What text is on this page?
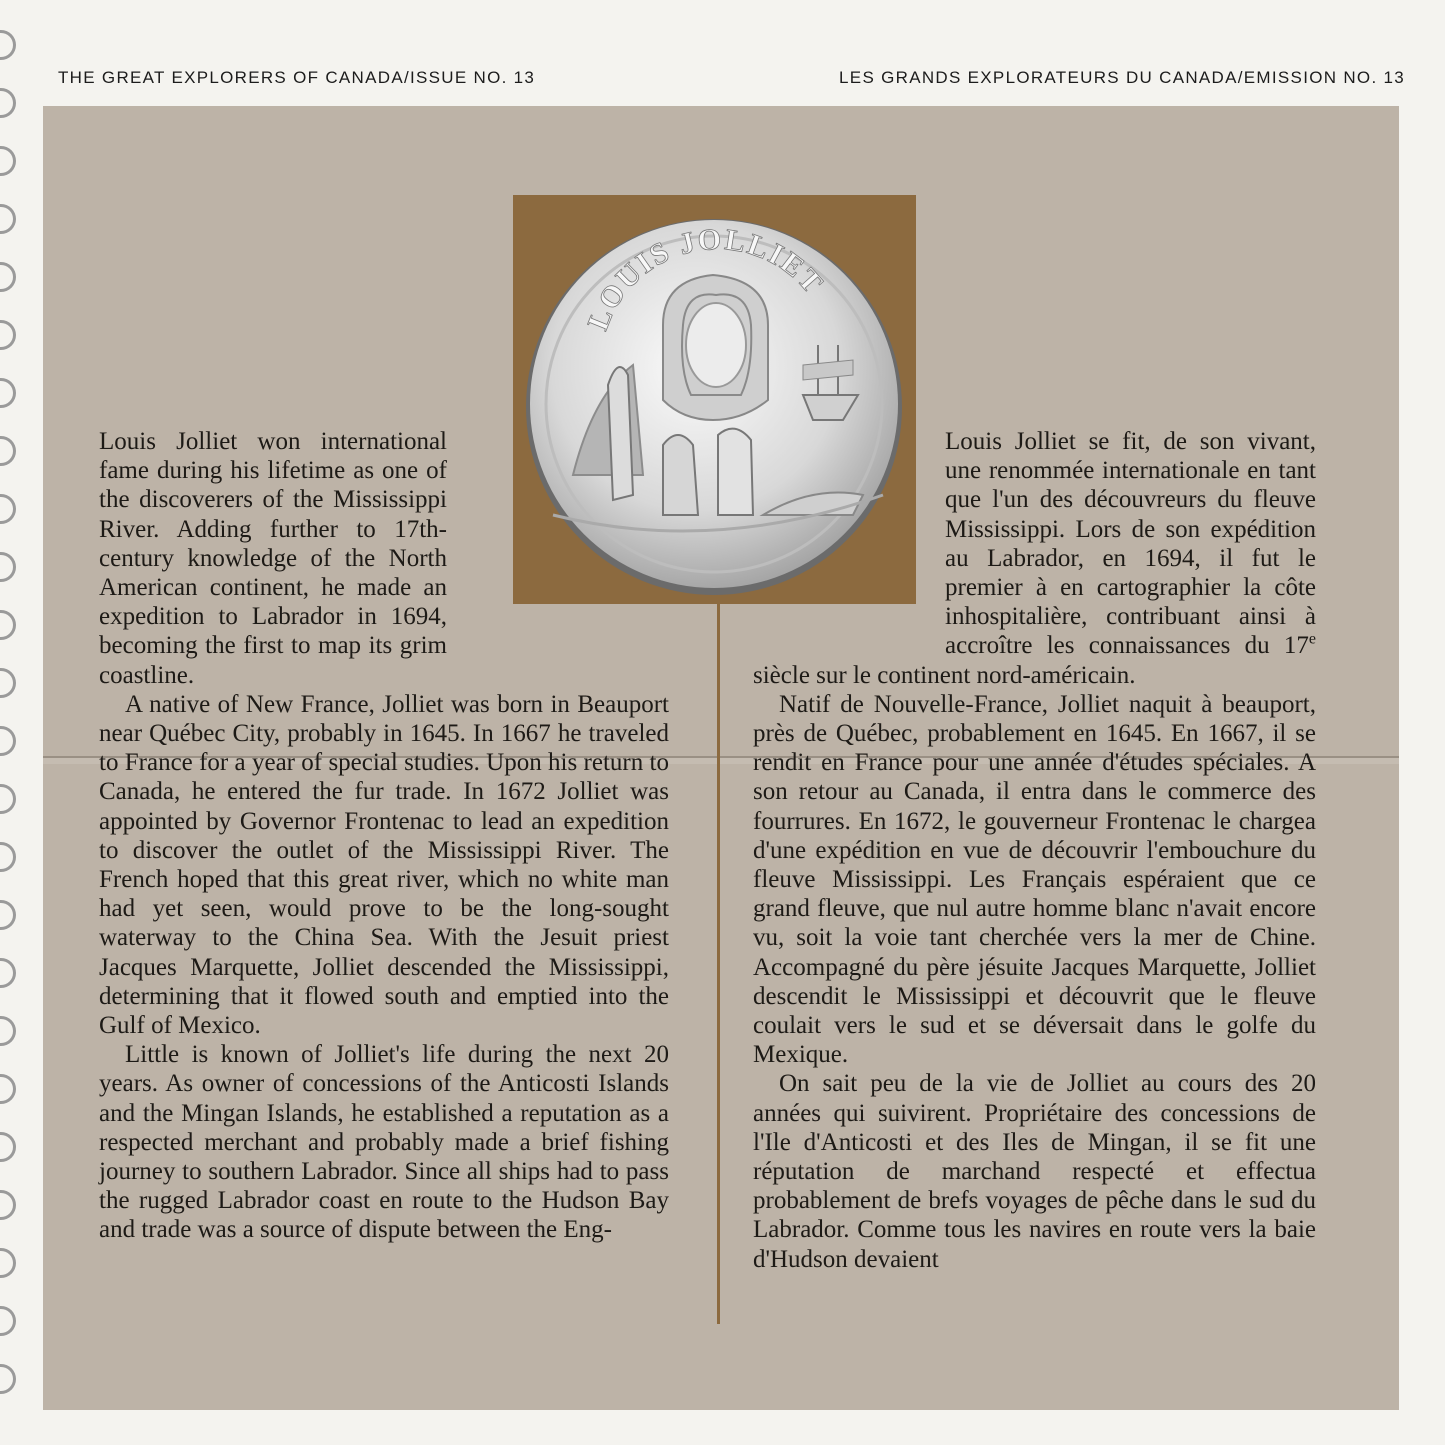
THE GREAT EXPLORERS OF CANADA/ISSUE NO. 13	LES GRANDS EXPLORATEURS DU CANADA/EMISSION NO. 13
LOUIS JOLLIET

Louis Jolliet won international fame during his lifetime as one of the discoverers of the Mississippi River. Adding further to 17th-century knowledge of the North American continent, he made an expedition to Labrador in 1694, becoming the first to map its grim coastline.

A native of New France, Jolliet was born in Beauport near Québec City, probably in 1645. In 1667 he traveled to France for a year of special studies. Upon his return to Canada, he entered the fur trade. In 1672 Jolliet was appointed by Governor Frontenac to lead an expedition to discover the outlet of the Mississippi River. The French hoped that this great river, which no white man had yet seen, would prove to be the long-sought waterway to the China Sea. With the Jesuit priest Jacques Marquette, Jolliet descended the Mississippi, determining that it flowed south and emptied into the Gulf of Mexico.

Little is known of Jolliet's life during the next 20 years. As owner of concessions of the Anticosti Islands and the Mingan Islands, he established a reputation as a respected merchant and probably made a brief fishing journey to southern Labrador. Since all ships had to pass the rugged Labrador coast en route to the Hudson Bay and trade was a source of dispute between the Eng-

Louis Jolliet se fit, de son vivant, une renommée internationale en tant que l'un des découvreurs du fleuve Mississippi. Lors de son expédition au Labrador, en 1694, il fut le premier à en cartographier la côte inhospitalière, contribuant ainsi à accroître les connaissances du 17e siècle sur le continent nord-américain.

Natif de Nouvelle-France, Jolliet naquit à beauport, près de Québec, probablement en 1645. En 1667, il se rendit en France pour une année d'études spéciales. A son retour au Canada, il entra dans le commerce des fourrures. En 1672, le gouverneur Frontenac le chargea d'une expédition en vue de découvrir l'embouchure du fleuve Mississippi. Les Français espéraient que ce grand fleuve, que nul autre homme blanc n'avait encore vu, soit la voie tant cherchée vers la mer de Chine. Accompagné du père jésuite Jacques Marquette, Jolliet descendit le Mississippi et découvrit que le fleuve coulait vers le sud et se déversait dans le golfe du Mexique.

On sait peu de la vie de Jolliet au cours des 20 années qui suivirent. Propriétaire des concessions de l'Ile d'Anticosti et des Iles de Mingan, il se fit une réputation de marchand respecté et effectua probablement de brefs voyages de pêche dans le sud du Labrador. Comme tous les navires en route vers la baie d'Hudson devaient
